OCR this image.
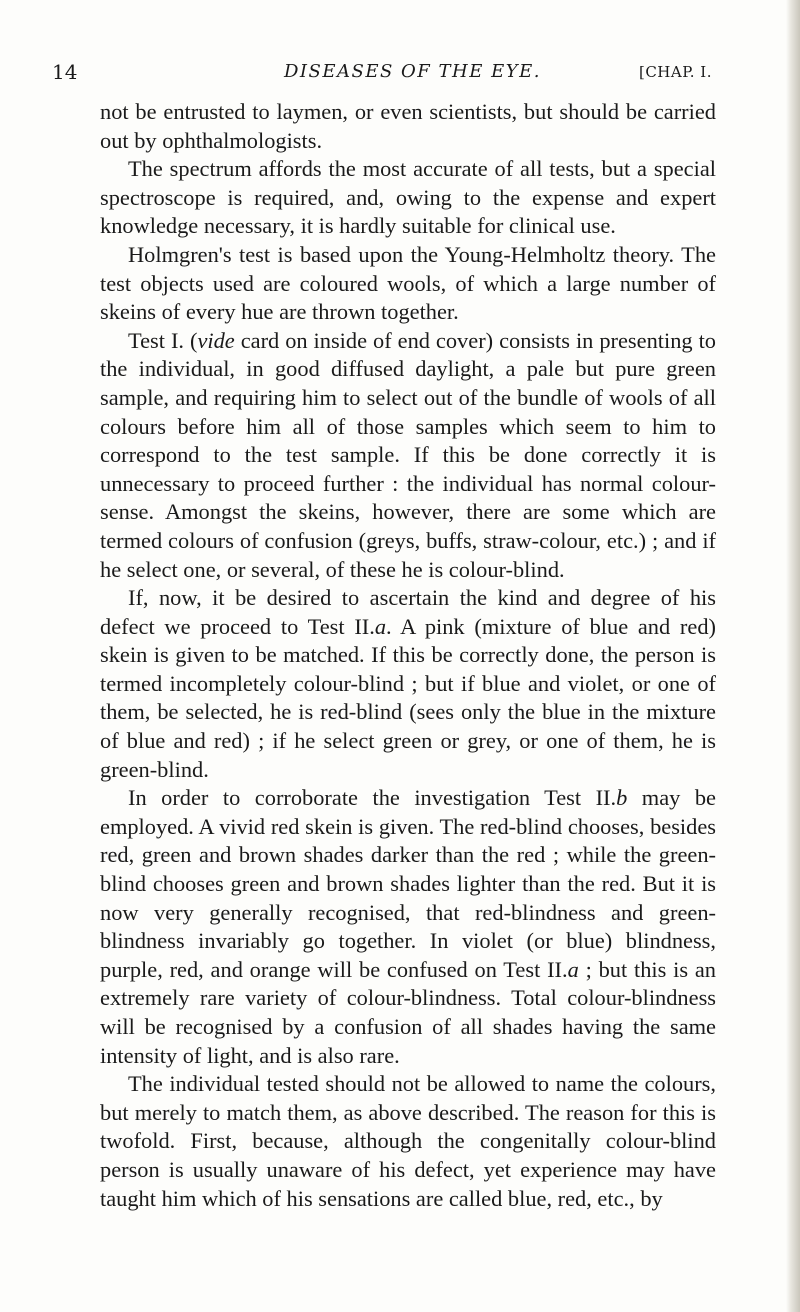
14	DISEASES OF THE EYE.	[CHAP. I.

not be entrusted to laymen, or even scientists, but should be carried out by ophthalmologists.

The spectrum affords the most accurate of all tests, but a special spectroscope is required, and, owing to the expense and expert knowledge necessary, it is hardly suitable for clinical use.

Holmgren's test is based upon the Young-Helmholtz theory. The test objects used are coloured wools, of which a large number of skeins of every hue are thrown together.

Test I. (vide card on inside of end cover) consists in presenting to the individual, in good diffused daylight, a pale but pure green sample, and requiring him to select out of the bundle of wools of all colours before him all of those samples which seem to him to correspond to the test sample. If this be done correctly it is unnecessary to proceed further : the individual has normal colour-sense. Amongst the skeins, however, there are some which are termed colours of confusion (greys, buffs, straw-colour, etc.) ; and if he select one, or several, of these he is colour-blind.

If, now, it be desired to ascertain the kind and degree of his defect we proceed to Test II.a. A pink (mixture of blue and red) skein is given to be matched. If this be correctly done, the person is termed incompletely colour-blind ; but if blue and violet, or one of them, be selected, he is red-blind (sees only the blue in the mixture of blue and red) ; if he select green or grey, or one of them, he is green-blind.

In order to corroborate the investigation Test II.b may be employed. A vivid red skein is given. The red-blind chooses, besides red, green and brown shades darker than the red ; while the green-blind chooses green and brown shades lighter than the red. But it is now very generally recognised, that red-blindness and green-blindness invariably go together. In violet (or blue) blindness, purple, red, and orange will be confused on Test II.a ; but this is an extremely rare variety of colour-blindness. Total colour-blindness will be recognised by a confusion of all shades having the same intensity of light, and is also rare.

The individual tested should not be allowed to name the colours, but merely to match them, as above described. The reason for this is twofold. First, because, although the congenitally colour-blind person is usually unaware of his defect, yet experience may have taught him which of his sensations are called blue, red, etc., by
